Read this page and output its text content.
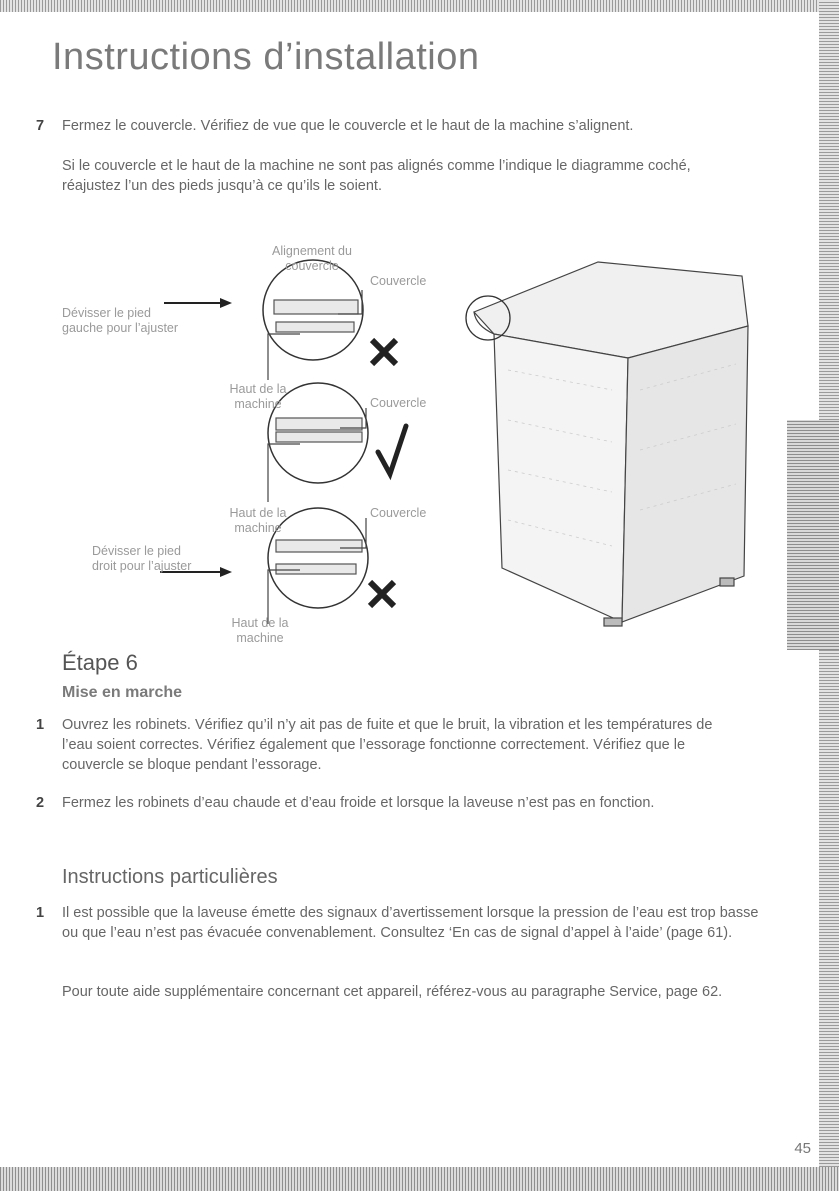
Instructions d’installation
7 Fermez le couvercle. Vérifiez de vue que le couvercle et le haut de la machine s’alignent.

Si le couvercle et le haut de la machine ne sont pas alignés comme l’indique le diagramme coché, réajustez l’un des pieds jusqu’à ce qu’ils le soient.

Alignement du couvercle
Couvercle
Dévisser le pied gauche pour l’ajuster
Haut de la machine	Couvercle
Haut de la machine
Couvercle
Dévisser le pied droit pour l’ajuster
Haut de la machine
Étape 6
Mise en marche
1 Ouvrez les robinets. Vérifiez qu’il n’y ait pas de fuite et que le bruit, la vibration et les températures de l’eau soient correctes. Vérifiez également que l’essorage fonctionne correctement. Vérifiez que le couvercle se bloque pendant l’essorage.

2 Fermez les robinets d’eau chaude et d’eau froide et lorsque la laveuse n’est pas en fonction.

Instructions particulières
1 Il est possible que la laveuse émette des signaux d’avertissement lorsque la pression de l’eau est trop basse ou que l’eau n’est pas évacuée convenablement. Consultez ‘En cas de signal d’appel à l’aide’ (page 61).

Pour toute aide supplémentaire concernant cet appareil, référez-vous au paragraphe Service, page 62.

45
